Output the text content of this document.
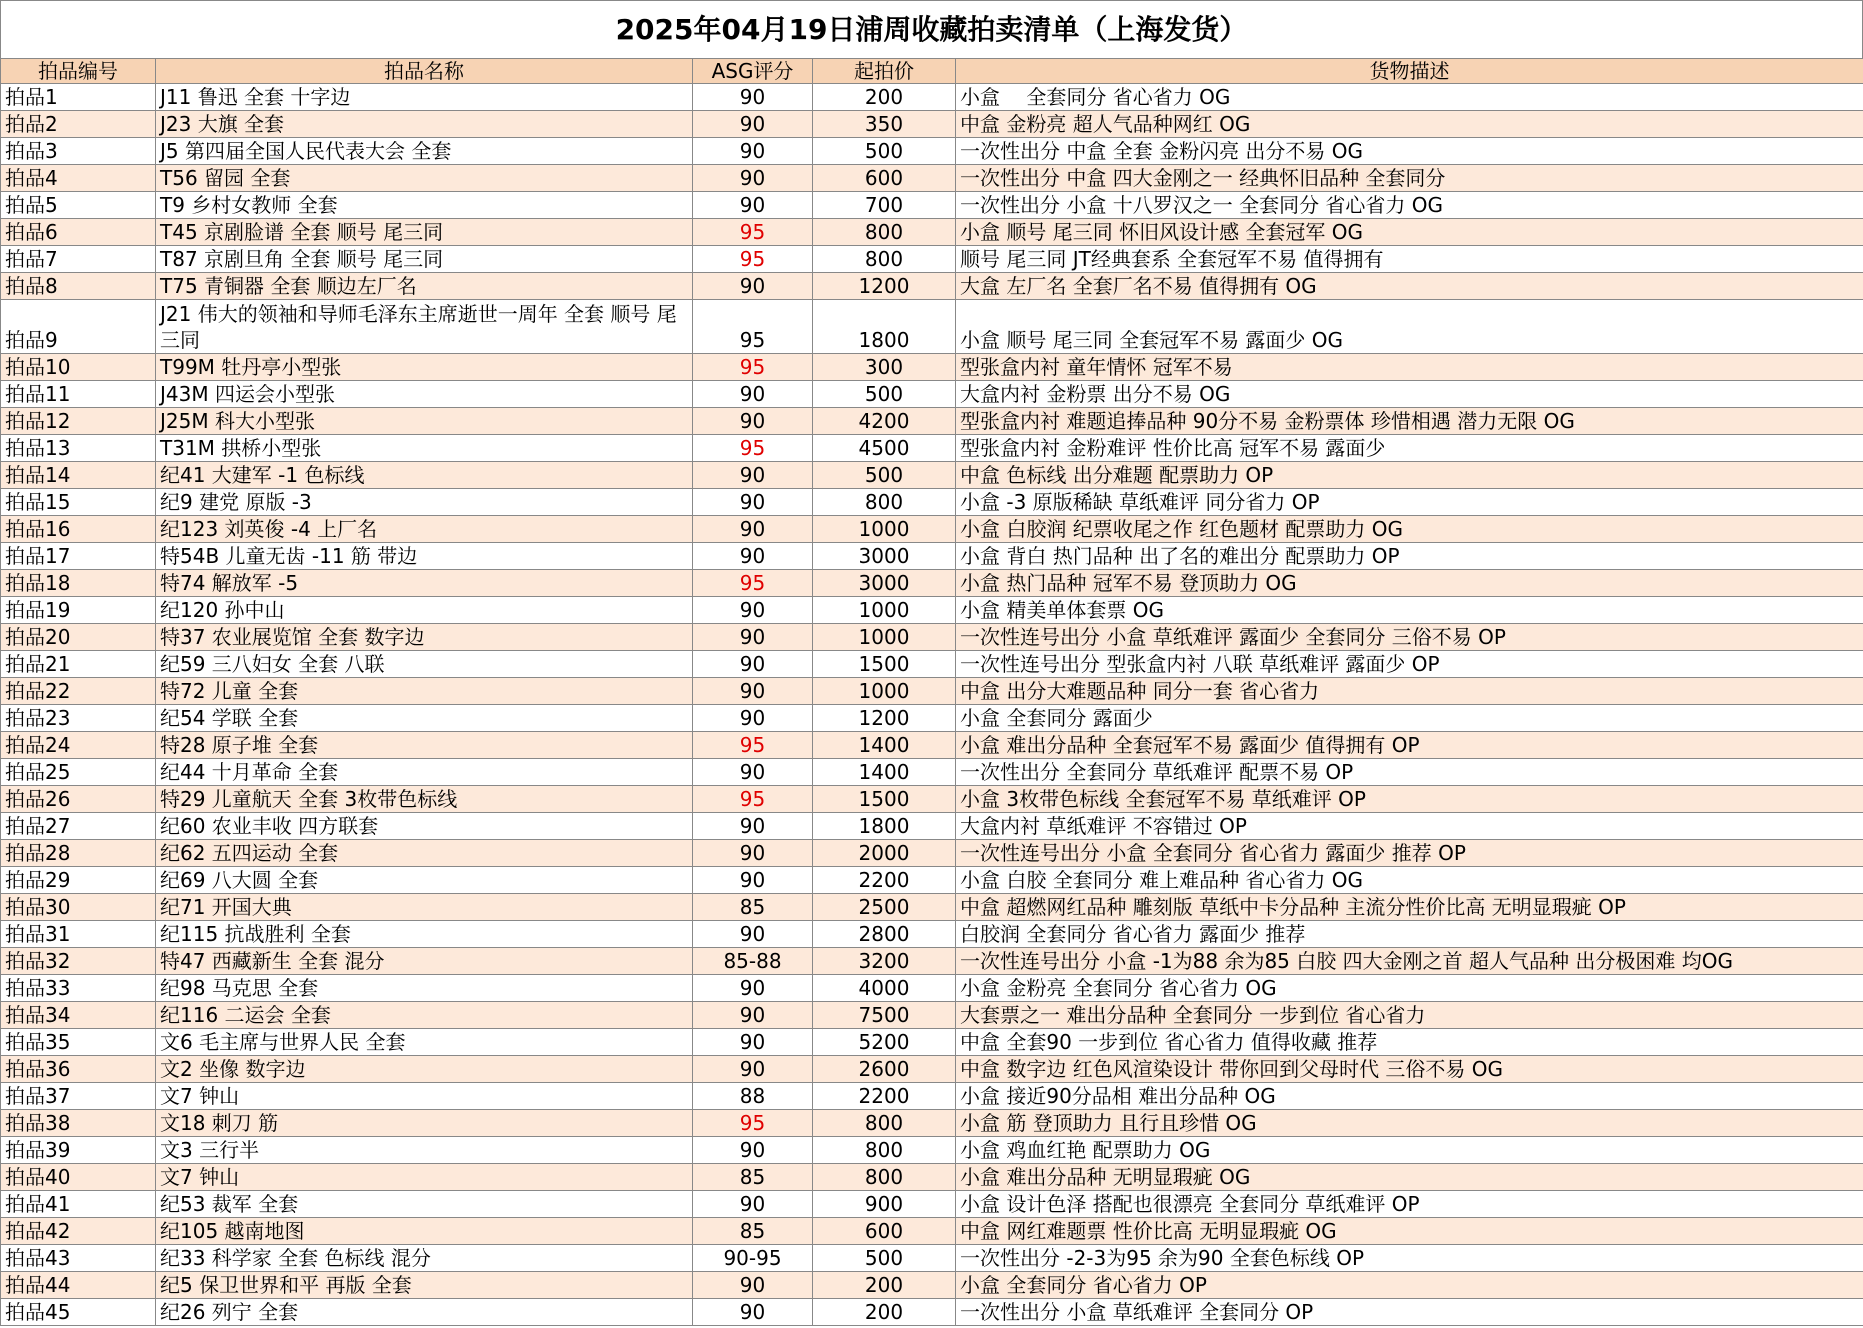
2025年04月19日浦周收藏拍卖清单（上海发货）
拍品编号	拍品名称	ASG评分	起拍价	货物描述
拍品1	J11 鲁迅 全套 十字边	90	200	小盒　 全套同分 省心省力 OG
拍品2	J23 大旗 全套	90	350	中盒 金粉亮 超人气品种网红 OG
拍品3	J5 第四届全国人民代表大会 全套	90	500	一次性出分 中盒 全套 金粉闪亮 出分不易 OG
拍品4	T56 留园 全套	90	600	一次性出分 中盒 四大金刚之一 经典怀旧品种 全套同分
拍品5	T9 乡村女教师 全套	90	700	一次性出分 小盒 十八罗汉之一 全套同分 省心省力 OG
拍品6	T45 京剧脸谱 全套 顺号 尾三同	95	800	小盒 顺号 尾三同 怀旧风设计感 全套冠军 OG
拍品7	T87 京剧旦角 全套 顺号 尾三同	95	800	顺号 尾三同 JT经典套系 全套冠军不易 值得拥有
拍品8	T75 青铜器 全套 顺边左厂名	90	1200	大盒 左厂名 全套厂名不易 值得拥有 OG
拍品9	J21 伟大的领袖和导师毛泽东主席逝世一周年 全套 顺号 尾三同	95	1800	小盒 顺号 尾三同 全套冠军不易 露面少 OG
拍品10	T99M 牡丹亭小型张	95	300	型张盒内衬 童年情怀 冠军不易
拍品11	J43M 四运会小型张	90	500	大盒内衬 金粉票 出分不易 OG
拍品12	J25M 科大小型张	90	4200	型张盒内衬 难题追捧品种 90分不易 金粉票体 珍惜相遇 潜力无限 OG
拍品13	T31M 拱桥小型张	95	4500	型张盒内衬 金粉难评 性价比高 冠军不易 露面少
拍品14	纪41 大建军 -1 色标线	90	500	中盒 色标线 出分难题 配票助力 OP
拍品15	纪9 建党 原版 -3	90	800	小盒 -3 原版稀缺 草纸难评 同分省力 OP
拍品16	纪123 刘英俊 -4 上厂名	90	1000	小盒 白胶润 纪票收尾之作 红色题材 配票助力 OG
拍品17	特54B 儿童无齿 -11 筋 带边	90	3000	小盒 背白 热门品种 出了名的难出分 配票助力 OP
拍品18	特74 解放军 -5	95	3000	小盒 热门品种 冠军不易 登顶助力 OG
拍品19	纪120 孙中山	90	1000	小盒 精美单体套票 OG
拍品20	特37 农业展览馆 全套 数字边	90	1000	一次性连号出分 小盒 草纸难评 露面少 全套同分 三俗不易 OP
拍品21	纪59 三八妇女 全套 八联	90	1500	一次性连号出分 型张盒内衬 八联 草纸难评 露面少 OP
拍品22	特72 儿童 全套	90	1000	中盒 出分大难题品种 同分一套 省心省力
拍品23	纪54 学联 全套	90	1200	小盒 全套同分 露面少
拍品24	特28 原子堆 全套	95	1400	小盒 难出分品种 全套冠军不易 露面少 值得拥有 OP
拍品25	纪44 十月革命 全套	90	1400	一次性出分 全套同分 草纸难评 配票不易 OP
拍品26	特29 儿童航天 全套 3枚带色标线	95	1500	小盒 3枚带色标线 全套冠军不易 草纸难评 OP
拍品27	纪60 农业丰收 四方联套	90	1800	大盒内衬 草纸难评 不容错过 OP
拍品28	纪62 五四运动 全套	90	2000	一次性连号出分 小盒 全套同分 省心省力 露面少 推荐 OP
拍品29	纪69 八大圆 全套	90	2200	小盒 白胶 全套同分 难上难品种 省心省力 OG
拍品30	纪71 开国大典	85	2500	中盒 超燃网红品种 雕刻版 草纸中卡分品种 主流分性价比高 无明显瑕疵 OP
拍品31	纪115 抗战胜利 全套	90	2800	白胶润 全套同分 省心省力 露面少 推荐
拍品32	特47 西藏新生 全套 混分	85-88	3200	一次性连号出分 小盒 -1为88 余为85 白胶 四大金刚之首 超人气品种 出分极困难 均OG
拍品33	纪98 马克思 全套	90	4000	小盒 金粉亮 全套同分 省心省力 OG
拍品34	纪116 二运会 全套	90	7500	大套票之一 难出分品种 全套同分 一步到位 省心省力
拍品35	文6 毛主席与世界人民 全套	90	5200	中盒 全套90 一步到位 省心省力 值得收藏 推荐
拍品36	文2 坐像 数字边	90	2600	中盒 数字边 红色风渲染设计 带你回到父母时代 三俗不易 OG
拍品37	文7 钟山	88	2200	小盒 接近90分品相 难出分品种 OG
拍品38	文18 刺刀 筋	95	800	小盒 筋 登顶助力 且行且珍惜 OG
拍品39	文3 三行半	90	800	小盒 鸡血红艳 配票助力 OG
拍品40	文7 钟山	85	800	小盒 难出分品种 无明显瑕疵 OG
拍品41	纪53 裁军 全套	90	900	小盒 设计色泽 搭配也很漂亮 全套同分 草纸难评 OP
拍品42	纪105 越南地图	85	600	中盒 网红难题票 性价比高 无明显瑕疵 OG
拍品43	纪33 科学家 全套 色标线 混分	90-95	500	一次性出分 -2-3为95 余为90 全套色标线 OP
拍品44	纪5 保卫世界和平 再版 全套	90	200	小盒 全套同分 省心省力 OP
拍品45	纪26 列宁 全套	90	200	一次性出分 小盒 草纸难评 全套同分 OP
